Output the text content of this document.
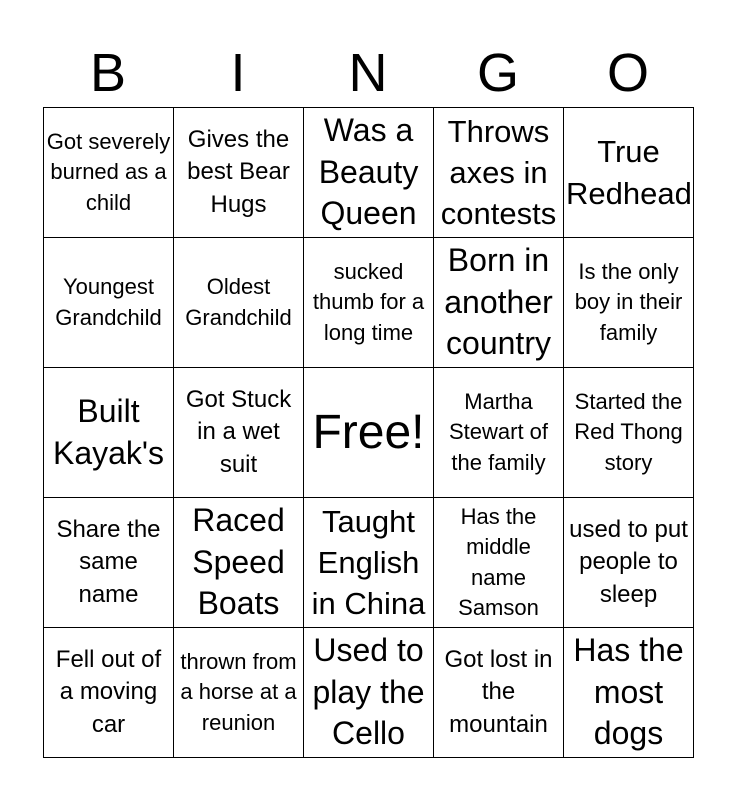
B	I	N	G	O
Got severely burned as a child	Gives the best Bear Hugs	Was a Beauty Queen	Throws axes in contests	True Redhead
Youngest Grandchild	Oldest Grandchild	sucked thumb for a long time	Born in another country	Is the only boy in their family
Built Kayak's	Got Stuck in a wet suit	Free!	Martha Stewart of the family	Started the Red Thong story
Share the same name	Raced Speed Boats	Taught English in China	Has the middle name Samson	used to put people to sleep
Fell out of a moving car	thrown from a horse at a reunion	Used to play the Cello	Got lost in the mountain	Has the most dogs
